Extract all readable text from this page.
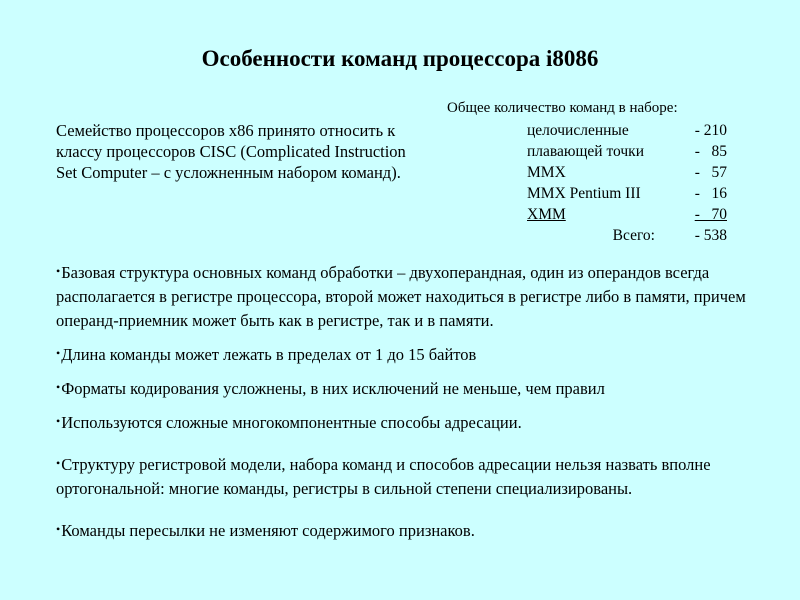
Особенности команд процессора i8086
Семейство процессоров x86 принято относить к классу процессоров CISC (Complicated Instruction Set Computer – с усложненным набором команд).
Общее количество команд в наборе:
целочисленные	- 210
плавающей точки	-   85
MMX	-   57
MMX Pentium III	-   16
XMM	-   70
Всего:	- 538
•Базовая структура основных команд обработки – двухоперандная, один из операндов всегда располагается в регистре процессора, второй может находиться в регистре либо в памяти, причем операнд-приемник может быть как в регистре, так и в памяти.
•Длина команды может лежать в пределах от 1 до 15 байтов
•Форматы кодирования усложнены, в них исключений не меньше, чем правил
•Используются сложные многокомпонентные способы адресации.
•Структуру регистровой модели, набора команд и способов адресации нельзя назвать вполне ортогональной: многие команды, регистры в сильной степени специализированы.
•Команды пересылки не изменяют содержимого признаков.
